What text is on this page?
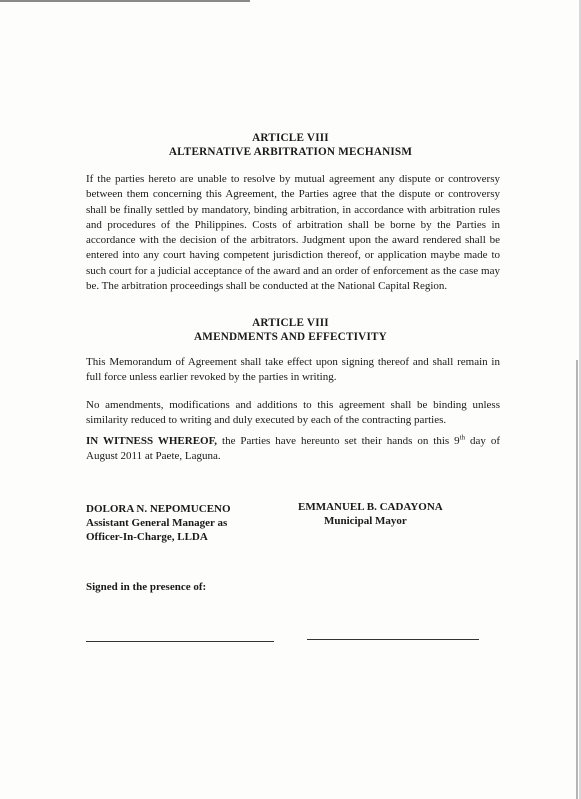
ARTICLE VIII
ALTERNATIVE ARBITRATION MECHANISM
If the parties hereto are unable to resolve by mutual agreement any dispute or controversy between them concerning this Agreement, the Parties agree that the dispute or controversy shall be finally settled by mandatory, binding arbitration, in accordance with arbitration rules and procedures of the Philippines. Costs of arbitration shall be borne by the Parties in accordance with the decision of the arbitrators. Judgment upon the award rendered shall be entered into any court having competent jurisdiction thereof, or application maybe made to such court for a judicial acceptance of the award and an order of enforcement as the case may be. The arbitration proceedings shall be conducted at the National Capital Region.
ARTICLE VIII
AMENDMENTS AND EFFECTIVITY
This Memorandum of Agreement shall take effect upon signing thereof and shall remain in full force unless earlier revoked by the parties in writing.
No amendments, modifications and additions to this agreement shall be binding unless similarity reduced to writing and duly executed by each of the contracting parties.
IN WITNESS WHEREOF, the Parties have hereunto set their hands on this 9th day of August 2011 at Paete, Laguna.
DOLORA N. NEPOMUCENO
Assistant General Manager as
Officer-In-Charge, LLDA
EMMANUEL B. CADAYONA
Municipal Mayor
Signed in the presence of:
